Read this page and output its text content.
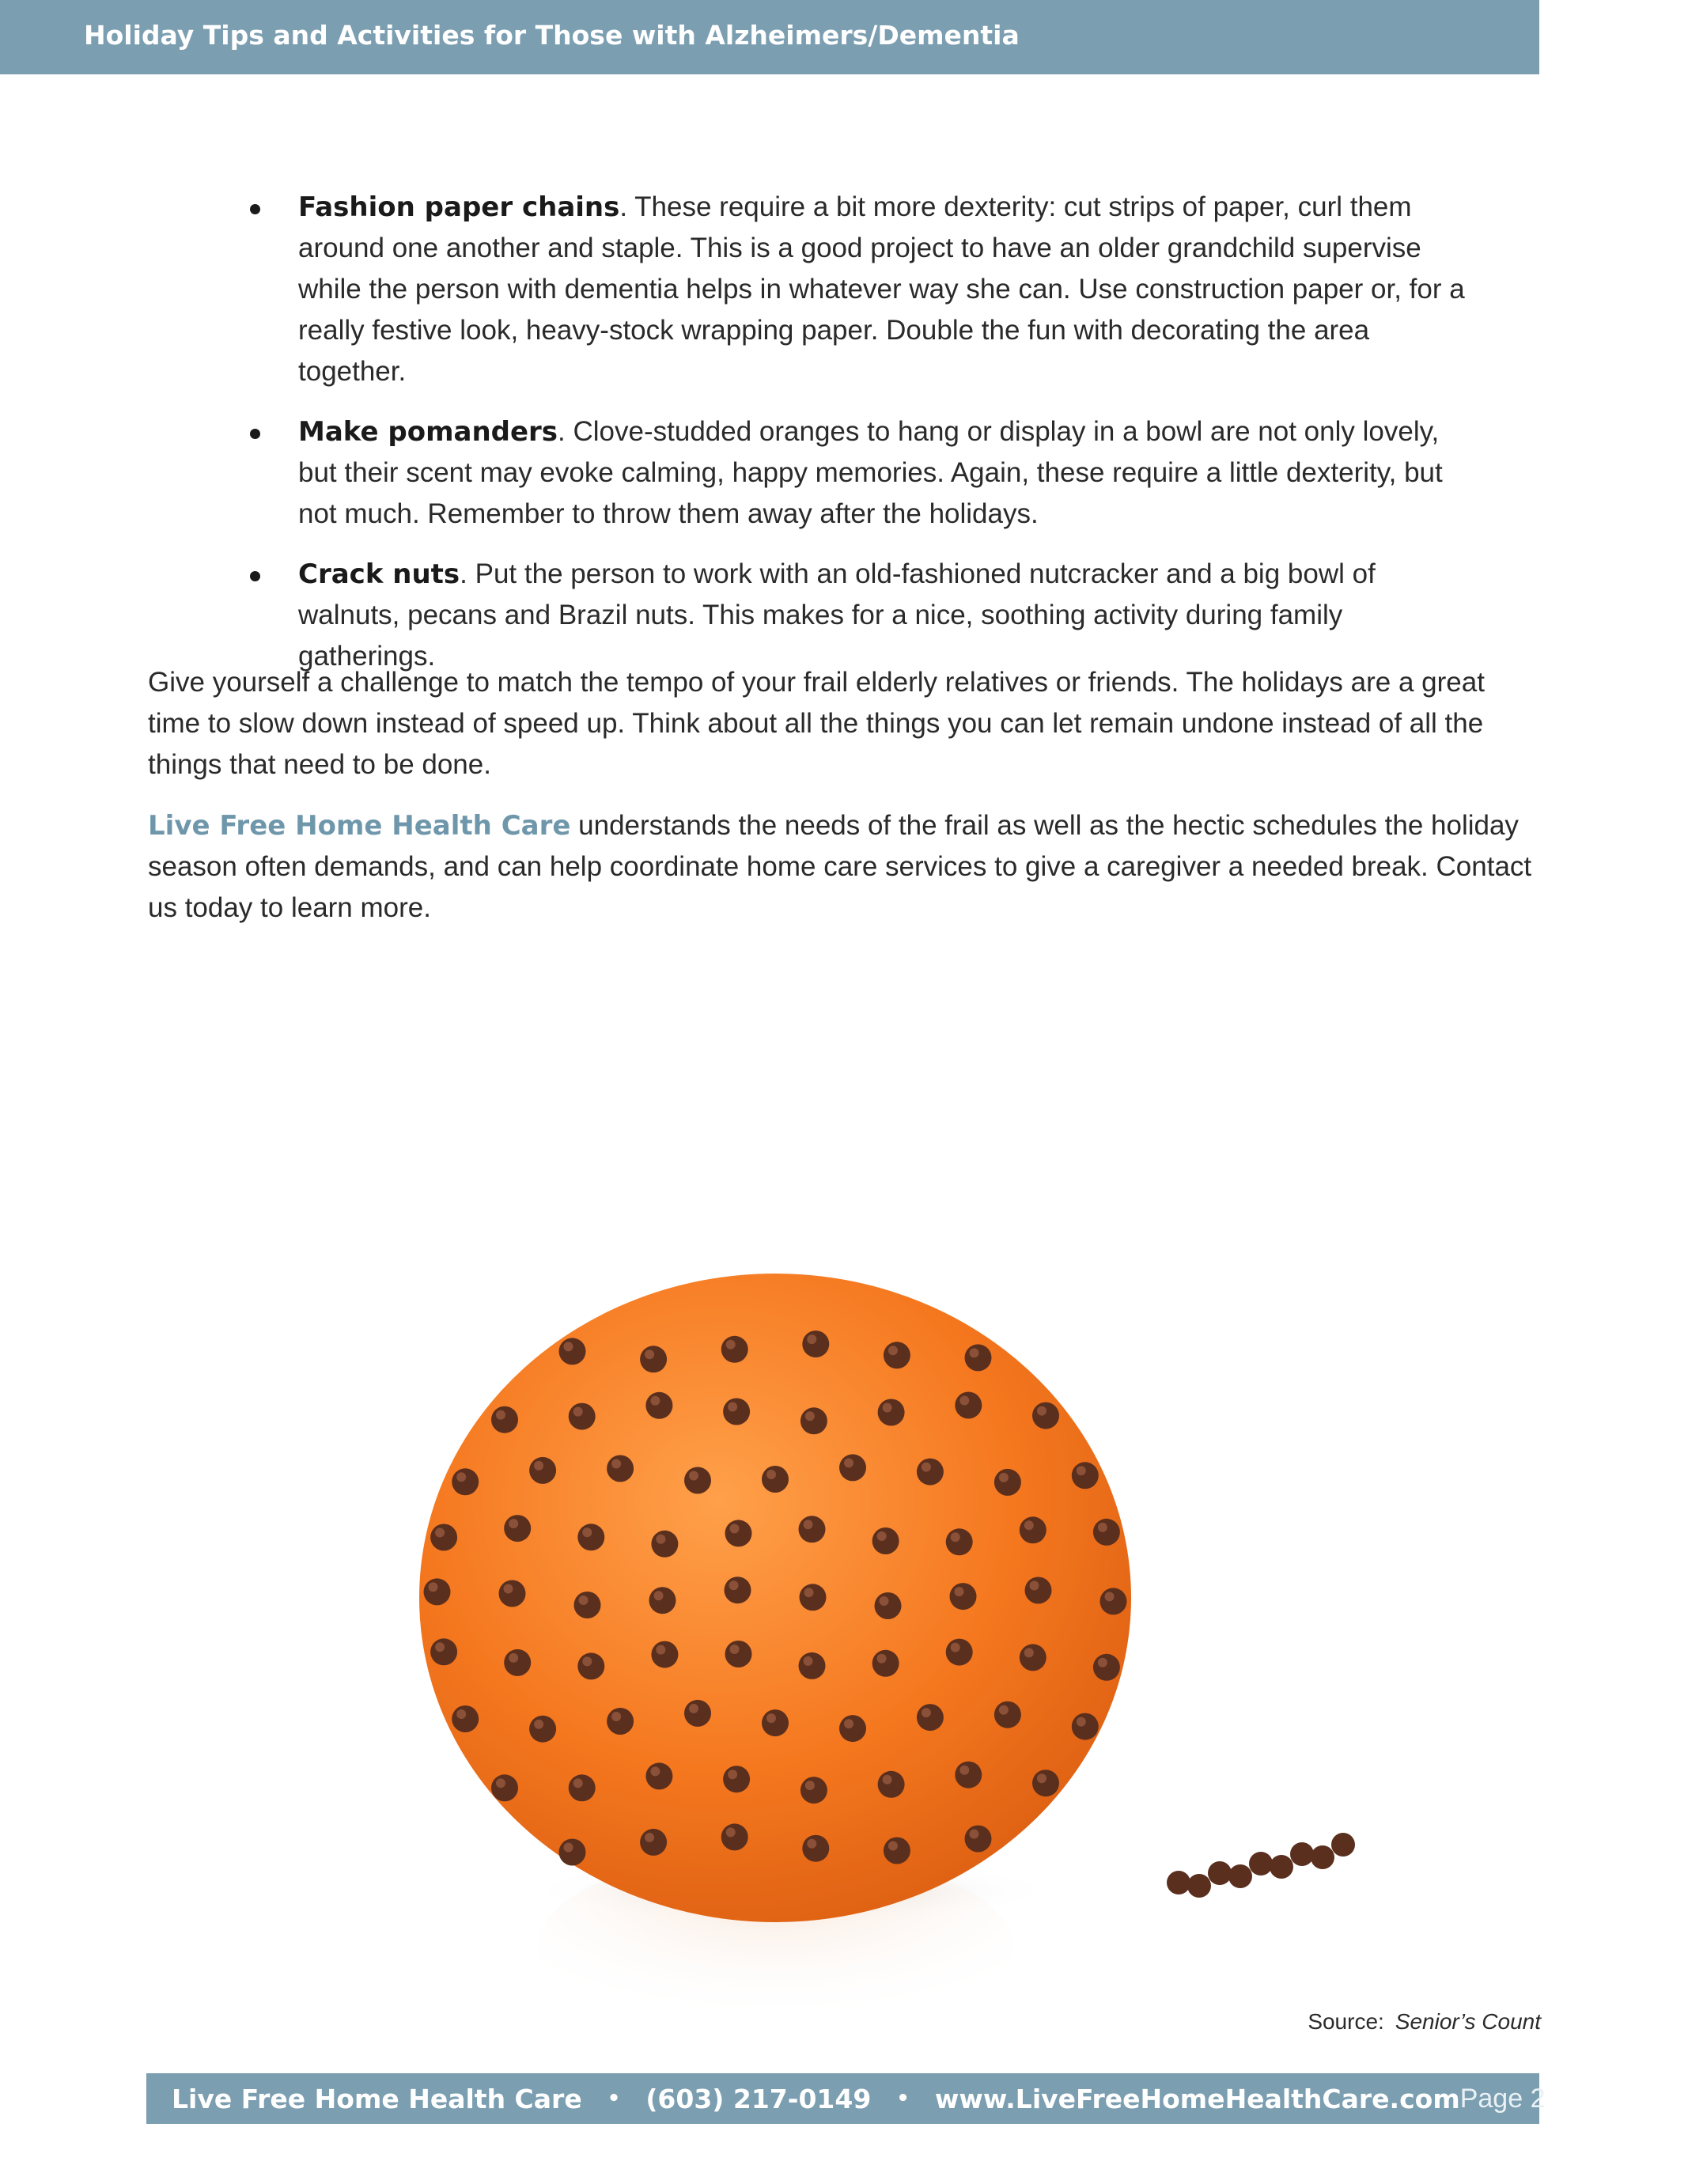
Holiday Tips and Activities for Those with Alzheimers/Dementia
Fashion paper chains. These require a bit more dexterity: cut strips of paper, curl them around one another and staple. This is a good project to have an older grandchild supervise while the person with dementia helps in whatever way she can. Use construction paper or, for a really festive look, heavy-stock wrapping paper. Double the fun with decorating the area together.
Make pomanders. Clove-studded oranges to hang or display in a bowl are not only lovely, but their scent may evoke calming, happy memories. Again, these require a little dexterity, but not much. Remember to throw them away after the holidays.
Crack nuts. Put the person to work with an old-fashioned nutcracker and a big bowl of walnuts, pecans and Brazil nuts. This makes for a nice, soothing activity during family gatherings.

Give yourself a challenge to match the tempo of your frail elderly relatives or friends. The holidays are a great time to slow down instead of speed up. Think about all the things you can let remain undone instead of all the things that need to be done.

Live Free Home Health Care understands the needs of the frail as well as the hectic schedules the holiday season often demands, and can help coordinate home care services to give a caregiver a needed break. Contact us today to learn more.

Source: Senior’s Count
Live Free Home Health Care • (603) 217-0149 • www.LiveFreeHomeHealthCare.com Page 2
